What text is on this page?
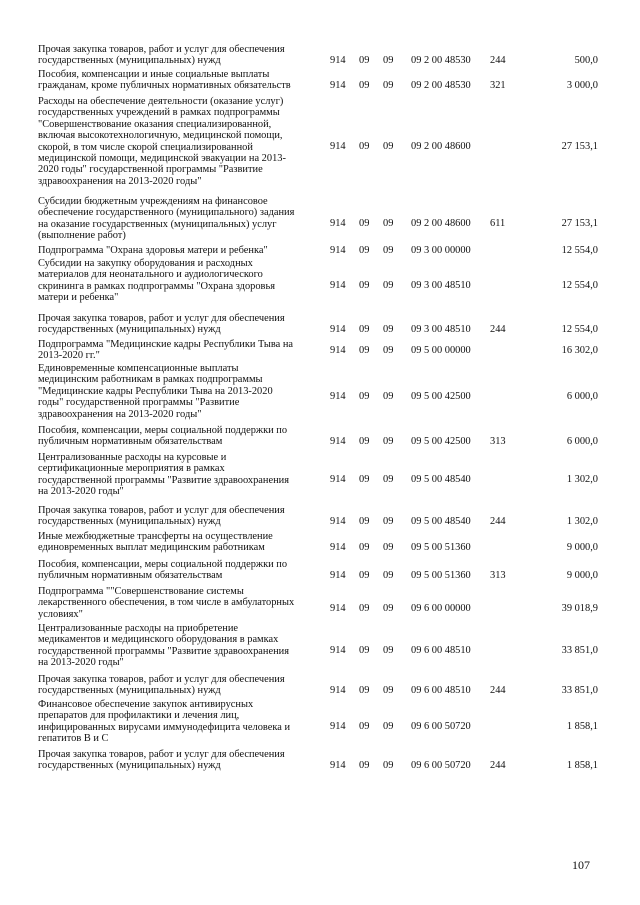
Прочая закупка товаров, работ и услуг для обеспечения
государственных (муниципальных) нужд	914 09 09 09 2 00 48530 244	500,0
Пособия, компенсации и иные социальные выплаты
гражданам, кроме публичных нормативных обязательств	914 09 09 09 2 00 48530 321	3 000,0
Расходы на обеспечение деятельности (оказание услуг)
государственных учреждений в рамках подпрограммы
"Совершенствование оказания специализированной,
включая высокотехнологичную, медицинской помощи,
скорой, в том числе скорой специализированной
медицинской помощи, медицинской эвакуации на 2013-
2020 годы" государственной программы "Развитие
здравоохранения на 2013-2020 годы"
914 09 09 09 2 00 48600	27 153,1
Субсидии бюджетным учреждениям на финансовое
обеспечение государственного (муниципального) задания
на оказание государственных (муниципальных) услуг
(выполнение работ)
914 09 09 09 2 00 48600 611	27 153,1
Подпрограмма "Охрана здоровья матери и ребенка"	914 09 09 09 3 00 00000	12 554,0
Субсидии на закупку оборудования и расходных
материалов для неонатального и аудиологического
скрининга в рамках подпрограммы "Охрана здоровья
матери и ребенка"
914 09 09 09 3 00 48510	12 554,0
Прочая закупка товаров, работ и услуг для обеспечения
государственных (муниципальных) нужд	914 09 09 09 3 00 48510 244	12 554,0
Подпрограмма "Медицинские кадры Республики Тыва на
2013-2020 гг."	914 09 09 09 5 00 00000	16 302,0
Единовременные компенсационные выплаты
медицинским работникам в рамках подпрограммы
"Медицинские кадры Республики Тыва на 2013-2020
годы" государственной программы "Развитие
здравоохранения на 2013-2020 годы"
914 09 09 09 5 00 42500	6 000,0
Пособия, компенсации, меры социальной поддержки по
публичным нормативным обязательствам	914 09 09 09 5 00 42500 313	6 000,0
Централизованные расходы на курсовые и
сертификационные мероприятия в рамках
государственной программы "Развитие здравоохранения
на 2013-2020 годы"
914 09 09 09 5 00 48540	1 302,0
Прочая закупка товаров, работ и услуг для обеспечения
государственных (муниципальных) нужд	914 09 09 09 5 00 48540 244	1 302,0
Иные межбюджетные трансферты на осуществление
единовременных выплат медицинским работникам	914 09 09 09 5 00 51360	9 000,0
Пособия, компенсации, меры социальной поддержки по
публичным нормативным обязательствам	914 09 09 09 5 00 51360 313	9 000,0
Подпрограмма ""Совершенствование системы
лекарственного обеспечения, в том числе в амбулаторных
условиях"
914 09 09 09 6 00 00000	39 018,9
Централизованные расходы на приобретение
медикаментов и медицинского оборудования в рамках
государственной программы "Развитие здравоохранения
на 2013-2020 годы"
914 09 09 09 6 00 48510	33 851,0
Прочая закупка товаров, работ и услуг для обеспечения
государственных (муниципальных) нужд	914 09 09 09 6 00 48510 244	33 851,0
Финансовое обеспечение закупок антивирусных
препаратов для профилактики и лечения лиц,
инфицированных вирусами иммунодефицита человека и
гепатитов В и С
914 09 09 09 6 00 50720	1 858,1
Прочая закупка товаров, работ и услуг для обеспечения
государственных (муниципальных) нужд	914 09 09 09 6 00 50720 244	1 858,1
107
